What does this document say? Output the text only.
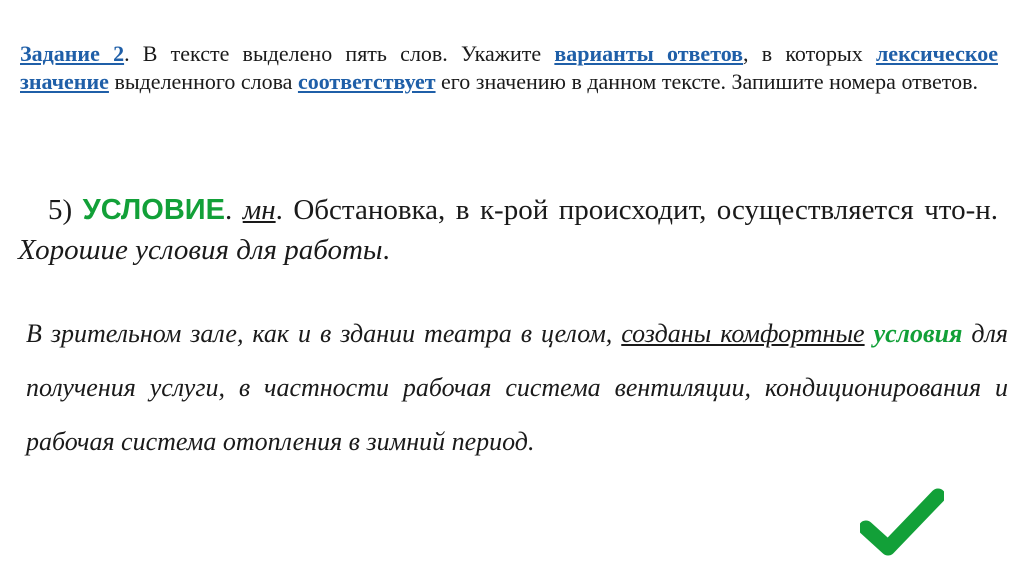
Задание 2. В тексте выделено пять слов. Укажите варианты ответов, в которых лексическое значение выделенного слова соответствует его значению в данном тексте. Запишите номера ответов.
5) УСЛОВИЕ. мн. Обстановка, в к-рой происходит, осуществляется что-н. Хорошие условия для работы.
В зрительном зале, как и в здании театра в целом, созданы комфортные условия для получения услуги, в частности рабочая система вентиляции, кондиционирования и рабочая система отопления в зимний период.
